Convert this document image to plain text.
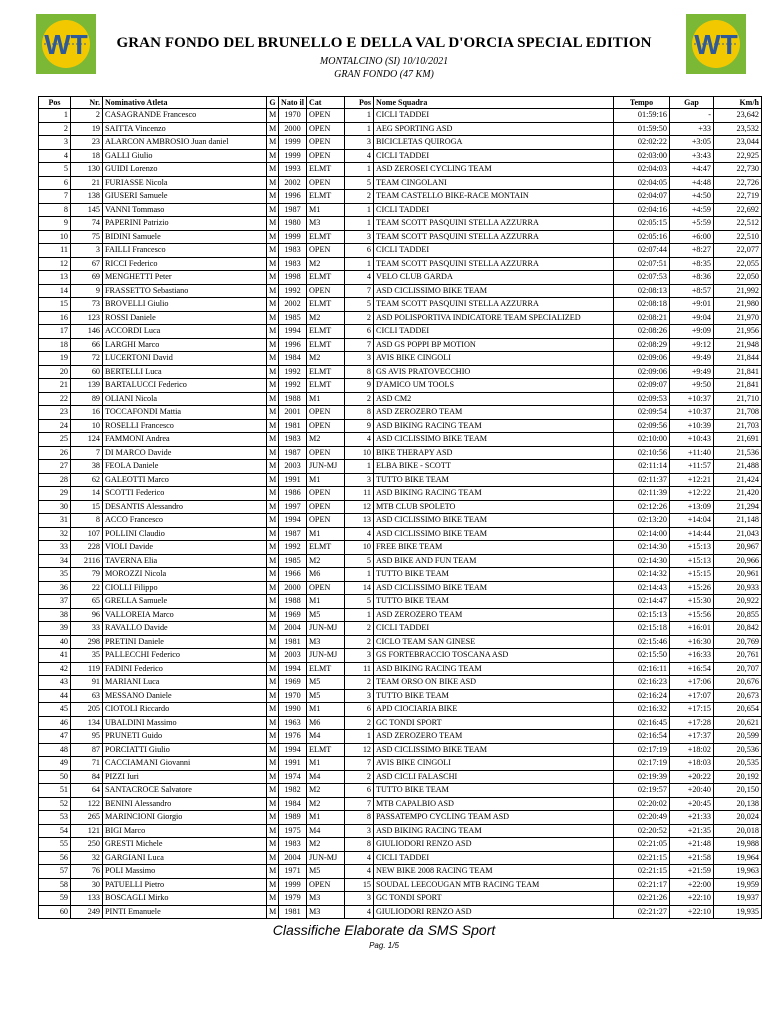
WT	WT
GRAN FONDO DEL BRUNELLO E DELLA VAL D'ORCIA SPECIAL EDITION
MONTALCINO (SI) 10/10/2021
GRAN FONDO (47 KM)
Pos	Nr.	Nominativo Atleta	G	Nato il	Cat	Pos	Nome Squadra	Tempo	Gap	Km/h
1	2	CASAGRANDE Francesco	M	1970	OPEN	1	CICLI TADDEI	01:59:16	-	23,642
2	19	SAITTA Vincenzo	M	2000	OPEN	1	AEG SPORTING ASD	01:59:50	+33	23,532
3	23	ALARCON AMBROSIO Juan daniel	M	1999	OPEN	3	BICICLETAS QUIROGA	02:02:22	+3:05	23,044
4	18	GALLI Giulio	M	1999	OPEN	4	CICLI TADDEI	02:03:00	+3:43	22,925
5	130	GUIDI Lorenzo	M	1993	ELMT	1	ASD ZEROSEI CYCLING TEAM	02:04:03	+4:47	22,730
6	21	FURIASSE Nicola	M	2002	OPEN	5	TEAM CINGOLANI	02:04:05	+4:48	22,726
7	138	GIUSERI Samuele	M	1996	ELMT	2	TEAM CASTELLO BIKE-RACE MONTAIN	02:04:07	+4:50	22,719
8	145	VANNI Tommaso	M	1987	M1	1	CICLI TADDEI	02:04:16	+4:59	22,692
9	74	PAPERINI Patrizio	M	1980	M3	1	TEAM SCOTT PASQUINI STELLA AZZURRA	02:05:15	+5:59	22,512
10	75	BIDINI Samuele	M	1999	ELMT	3	TEAM SCOTT PASQUINI STELLA AZZURRA	02:05:16	+6:00	22,510
11	3	FAILLI Francesco	M	1983	OPEN	6	CICLI TADDEI	02:07:44	+8:27	22,077
12	67	RICCI Federico	M	1983	M2	1	TEAM SCOTT PASQUINI STELLA AZZURRA	02:07:51	+8:35	22,055
13	69	MENGHETTI Peter	M	1998	ELMT	4	VELO CLUB GARDA	02:07:53	+8:36	22,050
14	9	FRASSETTO Sebastiano	M	1992	OPEN	7	ASD CICLISSIMO BIKE TEAM	02:08:13	+8:57	21,992
15	73	BROVELLI Giulio	M	2002	ELMT	5	TEAM SCOTT PASQUINI STELLA AZZURRA	02:08:18	+9:01	21,980
16	123	ROSSI Daniele	M	1985	M2	2	ASD POLISPORTIVA INDICATORE TEAM SPECIALIZED	02:08:21	+9:04	21,970
17	146	ACCORDI Luca	M	1994	ELMT	6	CICLI TADDEI	02:08:26	+9:09	21,956
18	66	LARGHI Marco	M	1996	ELMT	7	ASD GS POPPI BP MOTION	02:08:29	+9:12	21,948
19	72	LUCERTONI David	M	1984	M2	3	AVIS BIKE CINGOLI	02:09:06	+9:49	21,844
20	60	BERTELLI Luca	M	1992	ELMT	8	GS AVIS PRATOVECCHIO	02:09:06	+9:49	21,841
21	139	BARTALUCCI Federico	M	1992	ELMT	9	D'AMICO UM TOOLS	02:09:07	+9:50	21,841
22	89	OLIANI Nicola	M	1988	M1	2	ASD CM2	02:09:53	+10:37	21,710
23	16	TOCCAFONDI Mattia	M	2001	OPEN	8	ASD ZEROZERO TEAM	02:09:54	+10:37	21,708
24	10	ROSELLI Francesco	M	1981	OPEN	9	ASD BIKING RACING TEAM	02:09:56	+10:39	21,703
25	124	FAMMONI Andrea	M	1983	M2	4	ASD CICLISSIMO BIKE TEAM	02:10:00	+10:43	21,691
26	7	DI MARCO Davide	M	1987	OPEN	10	BIKE THERAPY ASD	02:10:56	+11:40	21,536
27	38	FEOLA Daniele	M	2003	JUN-MJ	1	ELBA BIKE - SCOTT	02:11:14	+11:57	21,488
28	62	GALEOTTI Marco	M	1991	M1	3	TUTTO BIKE TEAM	02:11:37	+12:21	21,424
29	14	SCOTTI Federico	M	1986	OPEN	11	ASD BIKING RACING TEAM	02:11:39	+12:22	21,420
30	15	DESANTIS Alessandro	M	1997	OPEN	12	MTB CLUB SPOLETO	02:12:26	+13:09	21,294
31	8	ACCO Francesco	M	1994	OPEN	13	ASD CICLISSIMO BIKE TEAM	02:13:20	+14:04	21,148
32	107	POLLINI Claudio	M	1987	M1	4	ASD CICLISSIMO BIKE TEAM	02:14:00	+14:44	21,043
33	228	VIOLI Davide	M	1992	ELMT	10	FREE BIKE TEAM	02:14:30	+15:13	20,967
34	2116	TAVERNA Elia	M	1985	M2	5	ASD BIKE AND FUN TEAM	02:14:30	+15:13	20,966
35	79	MOROZZI Nicola	M	1966	M6	1	TUTTO BIKE TEAM	02:14:32	+15:15	20,961
36	22	CIOLLI Filippo	M	2000	OPEN	14	ASD CICLISSIMO BIKE TEAM	02:14:43	+15:26	20,933
37	65	GRELLA Samuele	M	1988	M1	5	TUTTO BIKE TEAM	02:14:47	+15:30	20,922
38	96	VALLOREIA Marco	M	1969	M5	1	ASD ZEROZERO TEAM	02:15:13	+15:56	20,855
39	33	RAVALLO Davide	M	2004	JUN-MJ	2	CICLI TADDEI	02:15:18	+16:01	20,842
40	298	PRETINI Daniele	M	1981	M3	2	CICLO TEAM SAN GINESE	02:15:46	+16:30	20,769
41	35	PALLECCHI Federico	M	2003	JUN-MJ	3	GS FORTEBRACCIO TOSCANA ASD	02:15:50	+16:33	20,761
42	119	FADINI Federico	M	1994	ELMT	11	ASD BIKING RACING TEAM	02:16:11	+16:54	20,707
43	91	MARIANI Luca	M	1969	M5	2	TEAM ORSO ON BIKE ASD	02:16:23	+17:06	20,676
44	63	MESSANO Daniele	M	1970	M5	3	TUTTO BIKE TEAM	02:16:24	+17:07	20,673
45	205	CIOTOLI Riccardo	M	1990	M1	6	APD CIOCIARIA BIKE	02:16:32	+17:15	20,654
46	134	UBALDINI Massimo	M	1963	M6	2	GC TONDI SPORT	02:16:45	+17:28	20,621
47	95	PRUNETI Guido	M	1976	M4	1	ASD ZEROZERO TEAM	02:16:54	+17:37	20,599
48	87	PORCIATTI Giulio	M	1994	ELMT	12	ASD CICLISSIMO BIKE TEAM	02:17:19	+18:02	20,536
49	71	CACCIAMANI Giovanni	M	1991	M1	7	AVIS BIKE CINGOLI	02:17:19	+18:03	20,535
50	84	PIZZI Iuri	M	1974	M4	2	ASD CICLI FALASCHI	02:19:39	+20:22	20,192
51	64	SANTACROCE Salvatore	M	1982	M2	6	TUTTO BIKE TEAM	02:19:57	+20:40	20,150
52	122	BENINI Alessandro	M	1984	M2	7	MTB CAPALBIO ASD	02:20:02	+20:45	20,138
53	265	MARINCIONI Giorgio	M	1989	M1	8	PASSATEMPO CYCLING TEAM ASD	02:20:49	+21:33	20,024
54	121	BIGI Marco	M	1975	M4	3	ASD BIKING RACING TEAM	02:20:52	+21:35	20,018
55	250	GRESTI Michele	M	1983	M2	8	GIULIODORI RENZO ASD	02:21:05	+21:48	19,988
56	32	GARGIANI Luca	M	2004	JUN-MJ	4	CICLI TADDEI	02:21:15	+21:58	19,964
57	76	POLI Massimo	M	1971	M5	4	NEW BIKE 2008 RACING TEAM	02:21:15	+21:59	19,963
58	30	PATUELLI Pietro	M	1999	OPEN	15	SOUDAL LEECOUGAN MTB RACING TEAM	02:21:17	+22:00	19,959
59	133	BOSCAGLI Mirko	M	1979	M3	3	GC TONDI SPORT	02:21:26	+22:10	19,937
60	249	PINTI Emanuele	M	1981	M3	4	GIULIODORI RENZO ASD	02:21:27	+22:10	19,935
Classifiche Elaborate da SMS Sport
Pag. 1/5
